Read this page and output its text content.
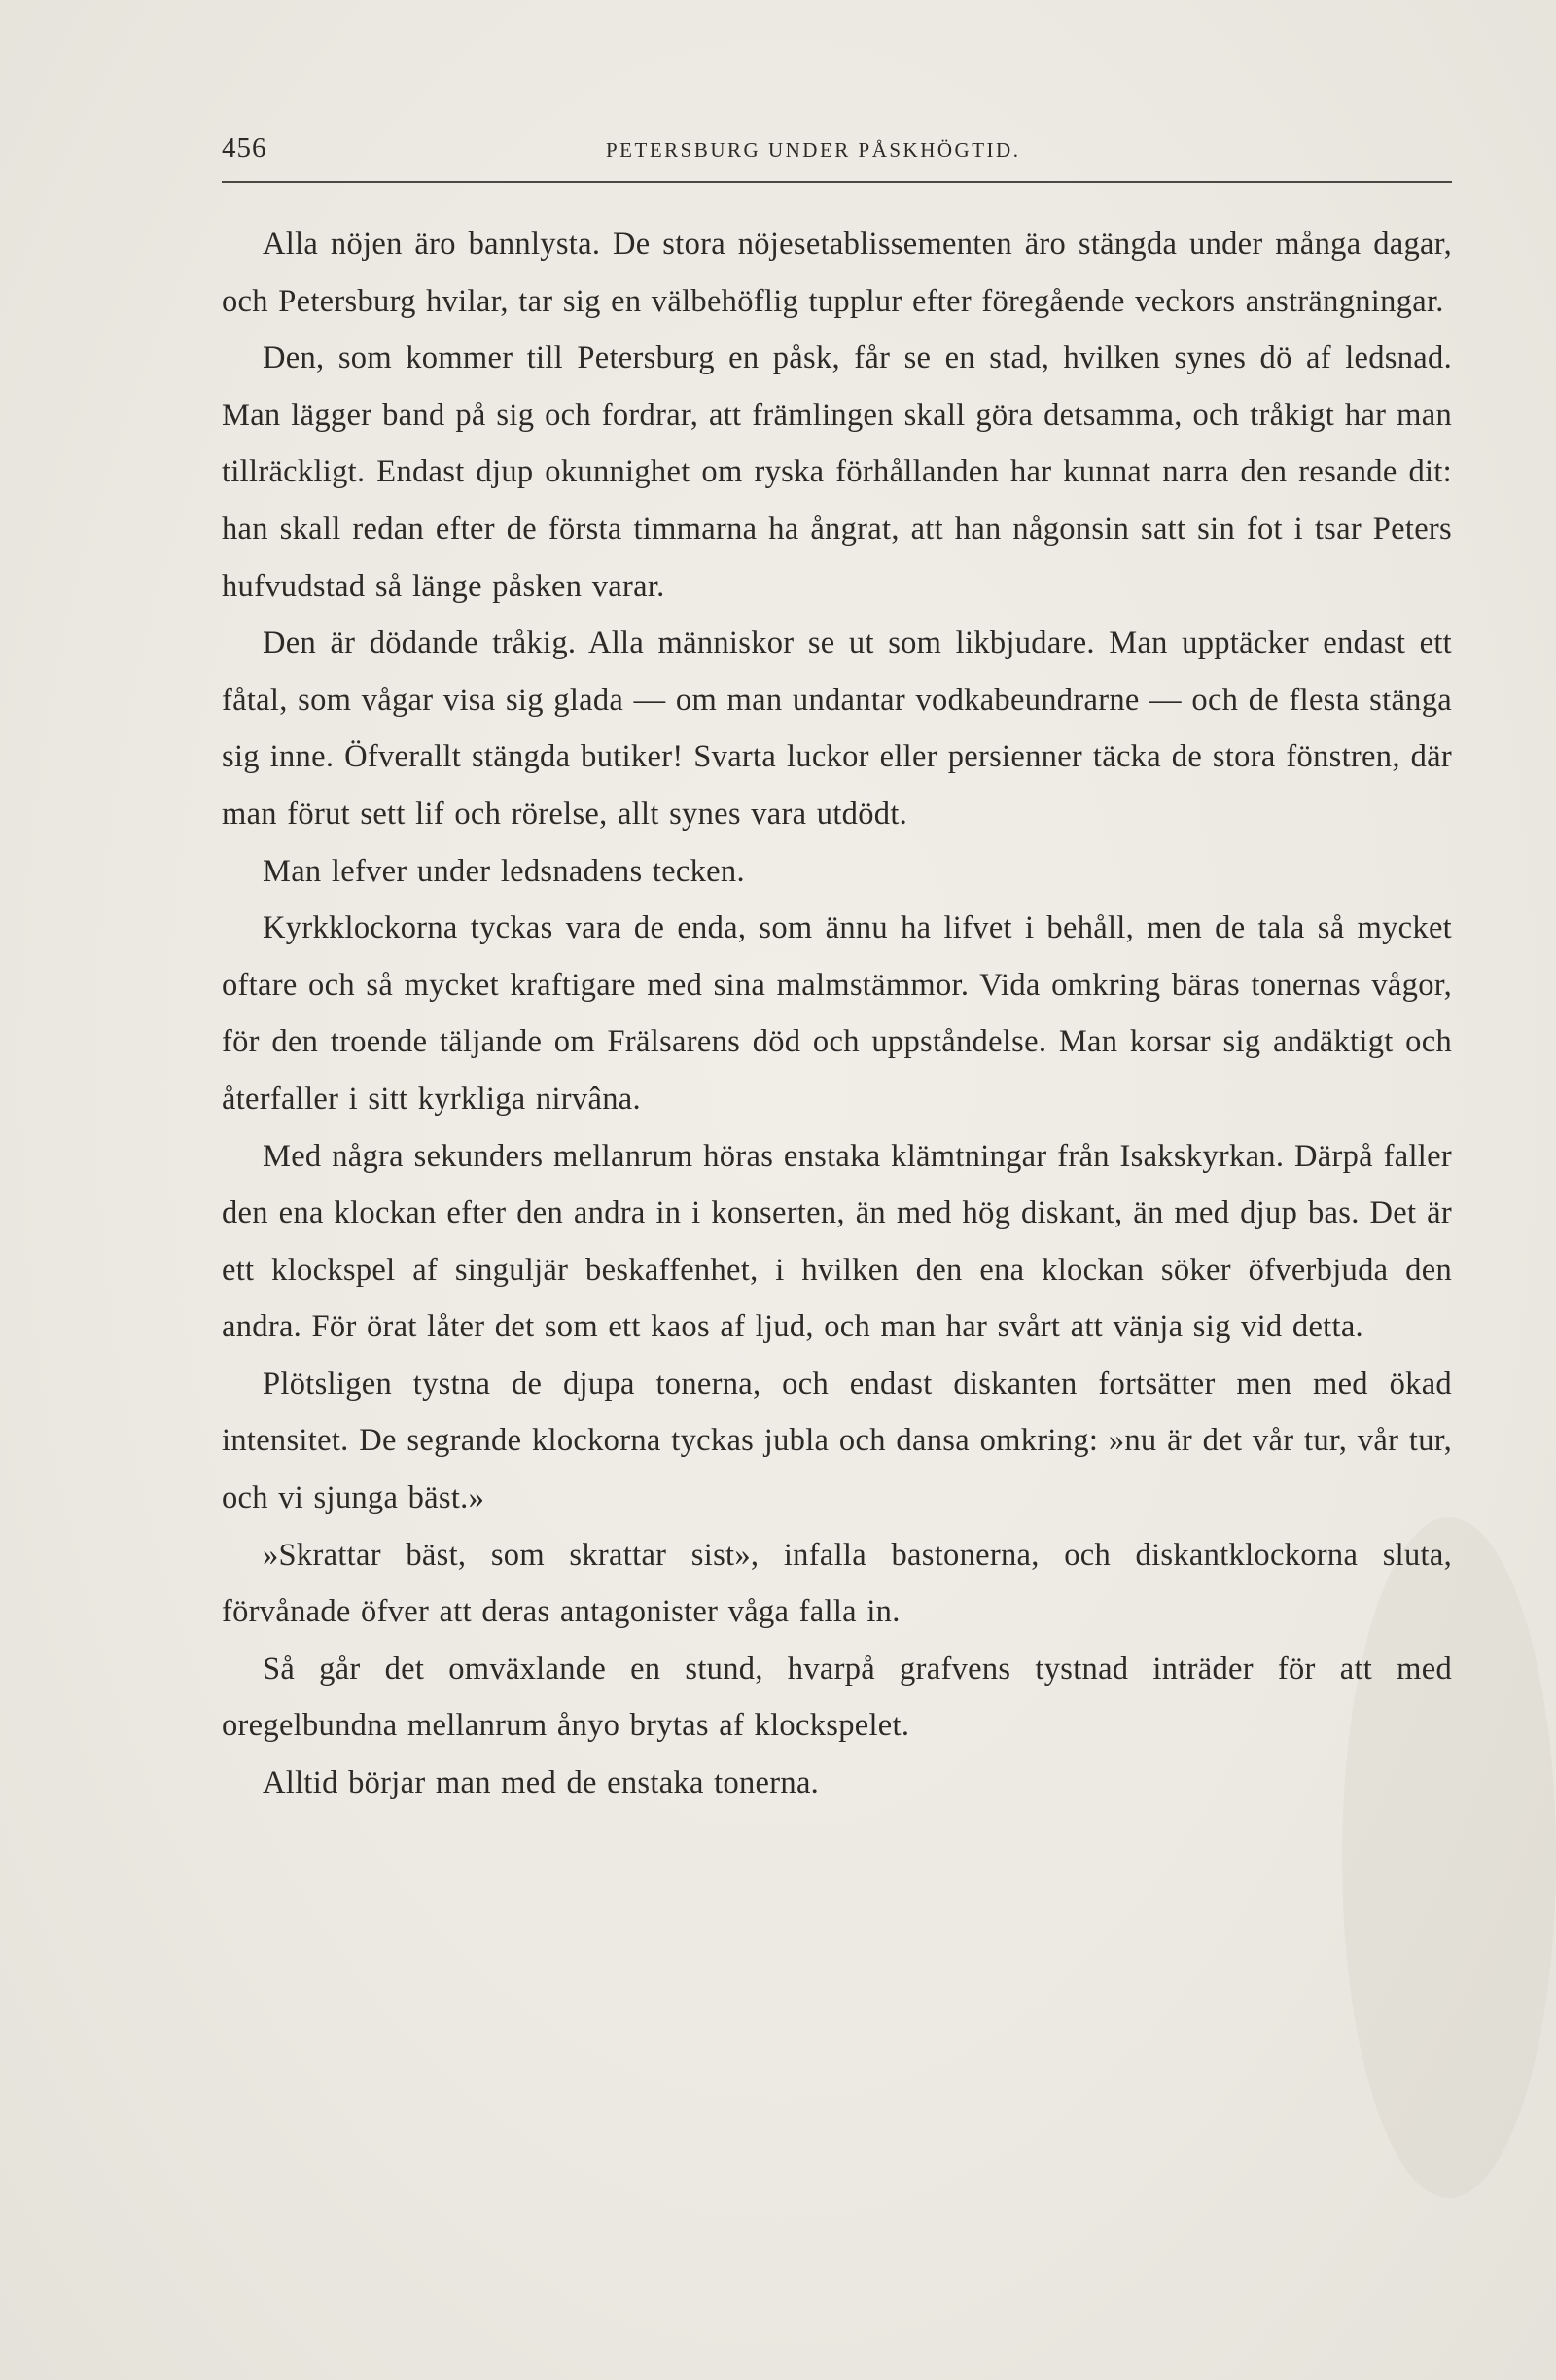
456	PETERSBURG UNDER PÅSKHÖGTID.

Alla nöjen äro bannlysta. De stora nöjesetablissementen äro stängda under många dagar, och Petersburg hvilar, tar sig en välbehöflig tupplur efter föregående veckors ansträngningar.

Den, som kommer till Petersburg en påsk, får se en stad, hvilken synes dö af ledsnad. Man lägger band på sig och fordrar, att främlingen skall göra detsamma, och tråkigt har man tillräckligt. Endast djup okunnighet om ryska förhållanden har kunnat narra den resande dit: han skall redan efter de första timmarna ha ångrat, att han någonsin satt sin fot i tsar Peters hufvudstad så länge påsken varar.

Den är dödande tråkig. Alla människor se ut som likbjudare. Man upptäcker endast ett fåtal, som vågar visa sig glada — om man undantar vodkabeundrarne — och de flesta stänga sig inne. Öfverallt stängda butiker! Svarta luckor eller persienner täcka de stora fönstren, där man förut sett lif och rörelse, allt synes vara utdödt.

Man lefver under ledsnadens tecken.

Kyrkklockorna tyckas vara de enda, som ännu ha lifvet i behåll, men de tala så mycket oftare och så mycket kraftigare med sina malmstämmor. Vida omkring bäras tonernas vågor, för den troende täljande om Frälsarens död och uppståndelse. Man korsar sig andäktigt och återfaller i sitt kyrkliga nirvâna.

Med några sekunders mellanrum höras enstaka klämtningar från Isakskyrkan. Därpå faller den ena klockan efter den andra in i konserten, än med hög diskant, än med djup bas. Det är ett klockspel af singuljär beskaffenhet, i hvilken den ena klockan söker öfverbjuda den andra. För örat låter det som ett kaos af ljud, och man har svårt att vänja sig vid detta.

Plötsligen tystna de djupa tonerna, och endast diskanten fortsätter men med ökad intensitet. De segrande klockorna tyckas jubla och dansa omkring: »nu är det vår tur, vår tur, och vi sjunga bäst.»

»Skrattar bäst, som skrattar sist», infalla bastonerna, och diskantklockorna sluta, förvånade öfver att deras antagonister våga falla in.

Så går det omväxlande en stund, hvarpå grafvens tystnad inträder för att med oregelbundna mellanrum ånyo brytas af klockspelet.

Alltid börjar man med de enstaka tonerna.
